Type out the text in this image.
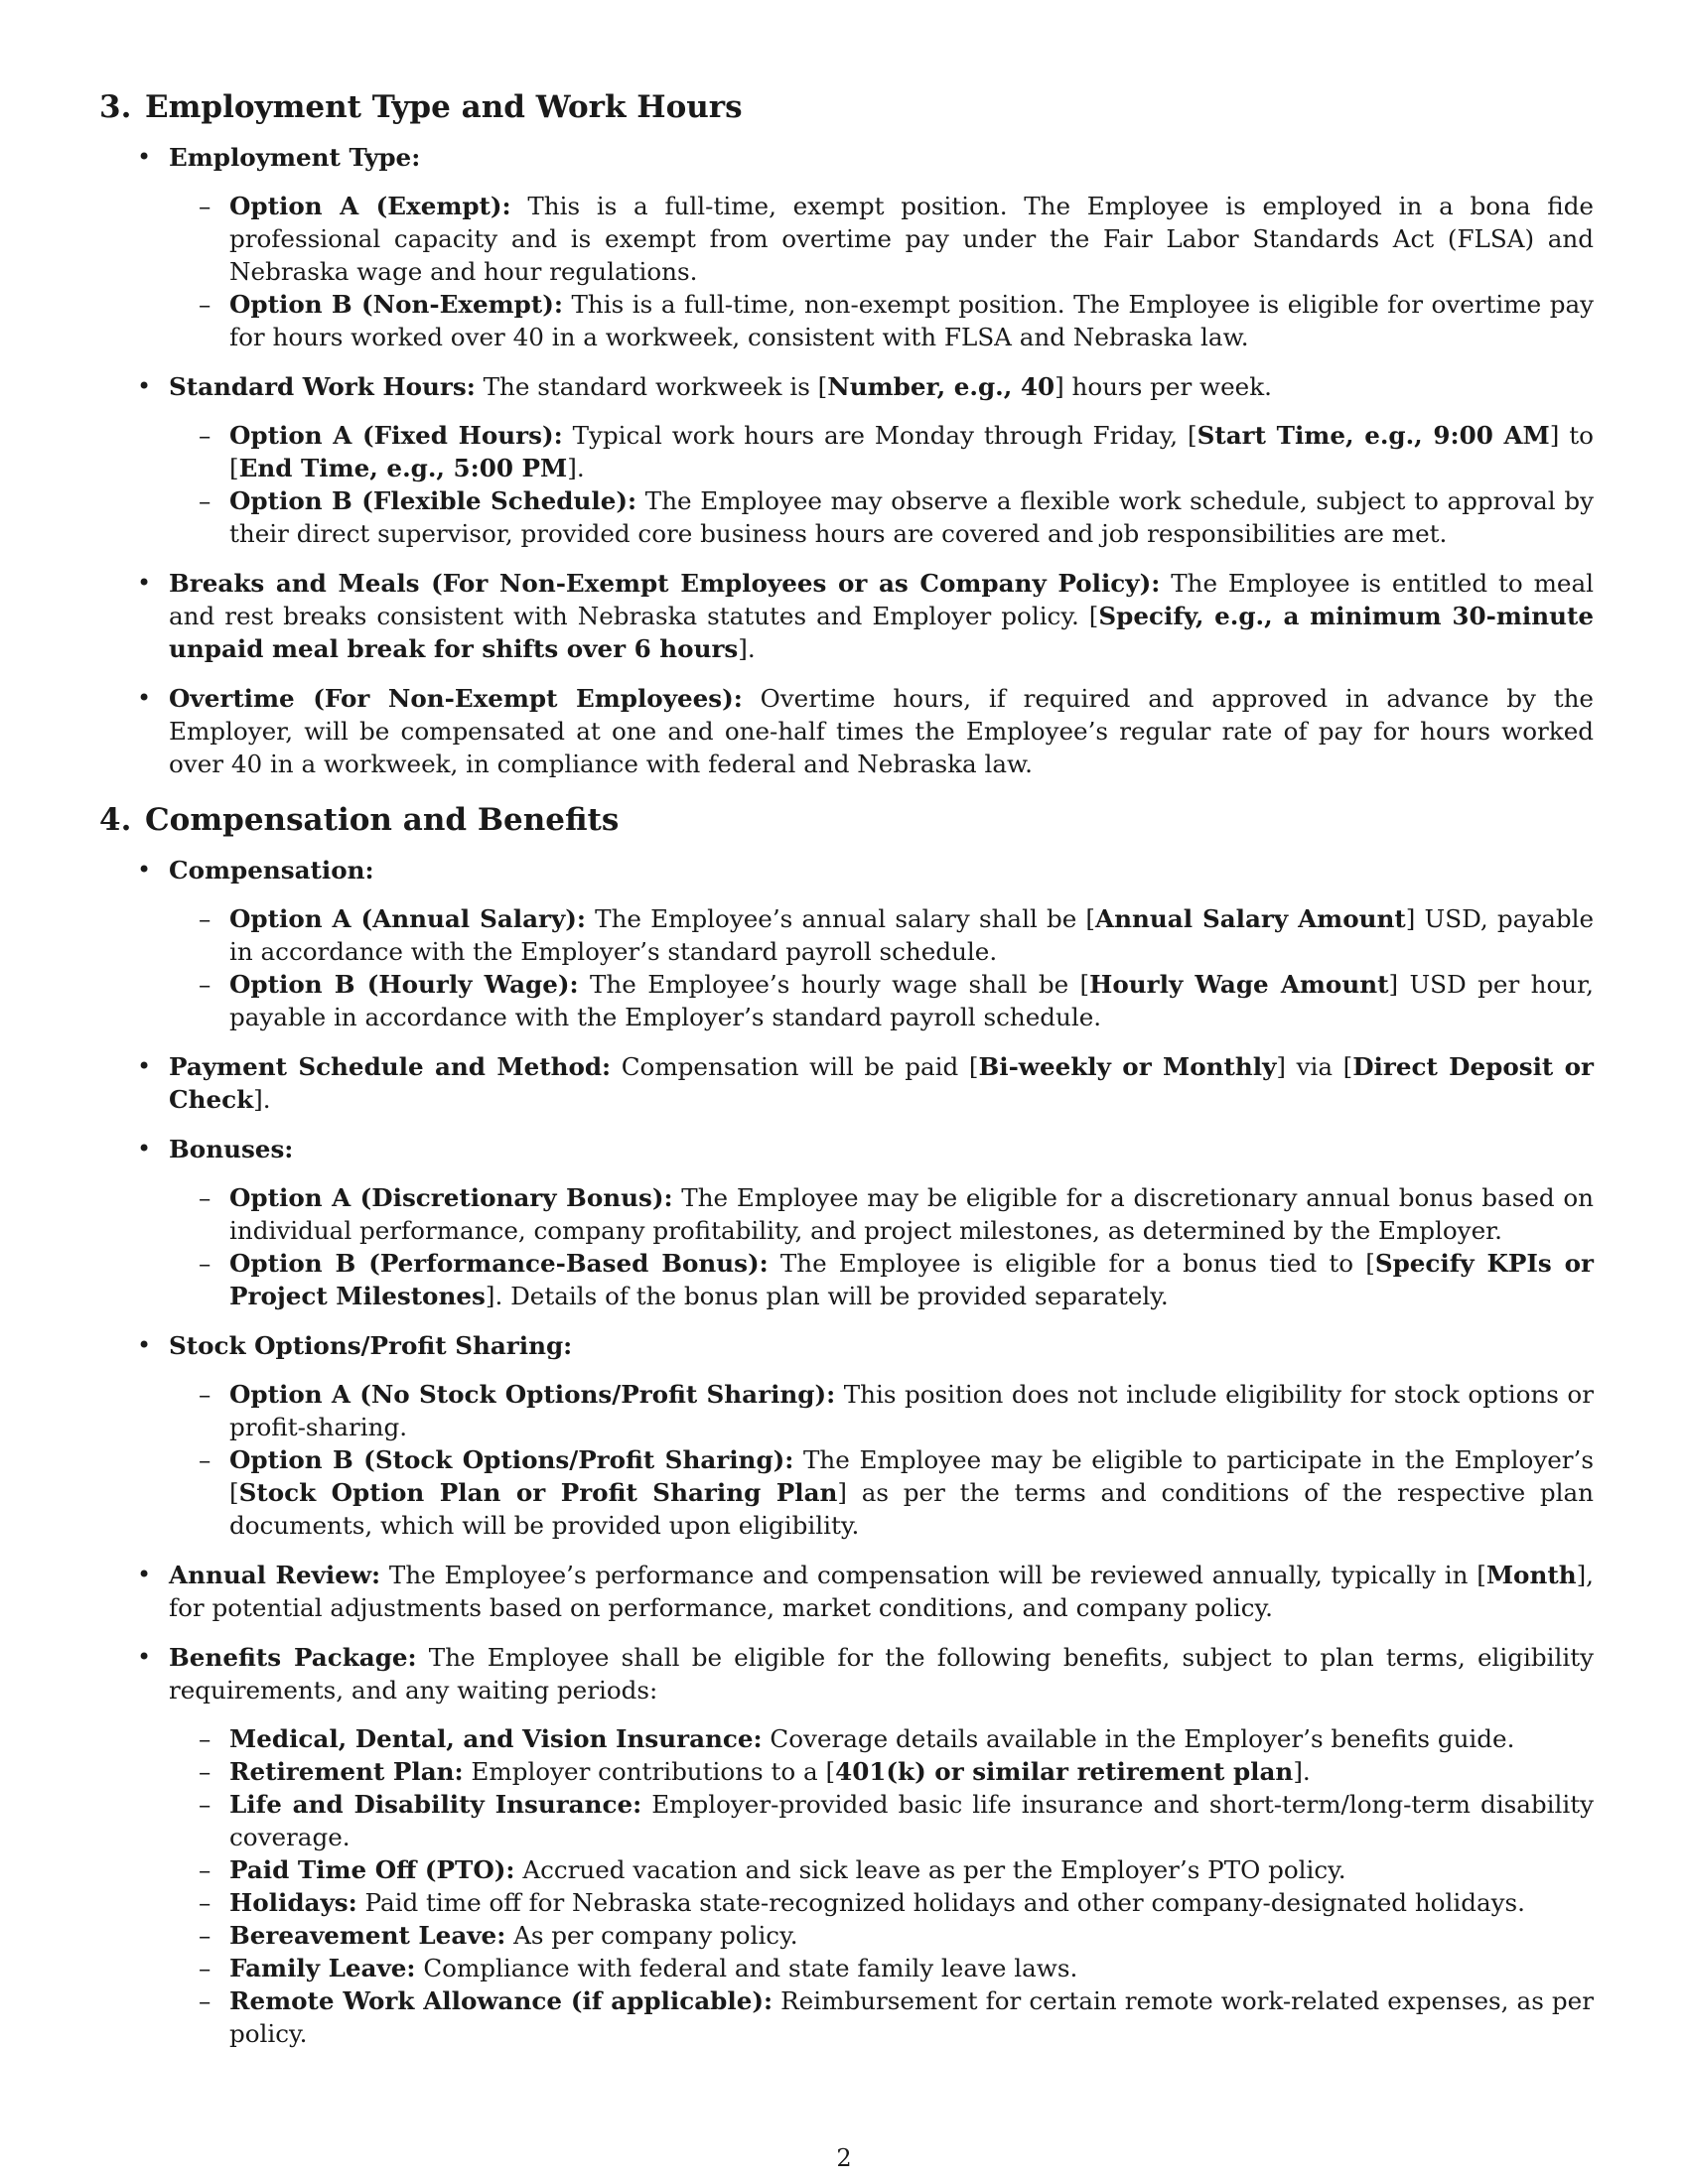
3. Employment Type and Work Hours
• Employment Type:
– Option A (Exempt): This is a full-time, exempt position. The Employee is employed in a bona fide professional capacity and is exempt from overtime pay under the Fair Labor Standards Act (FLSA) and Nebraska wage and hour regulations.
– Option B (Non-Exempt): This is a full-time, non-exempt position. The Employee is eligible for overtime pay for hours worked over 40 in a workweek, consistent with FLSA and Nebraska law.
• Standard Work Hours: The standard workweek is [Number, e.g., 40] hours per week.
– Option A (Fixed Hours): Typical work hours are Monday through Friday, [Start Time, e.g., 9:00 AM] to [End Time, e.g., 5:00 PM].
– Option B (Flexible Schedule): The Employee may observe a flexible work schedule, subject to approval by their direct supervisor, provided core business hours are covered and job responsibilities are met.
• Breaks and Meals (For Non-Exempt Employees or as Company Policy): The Employee is entitled to meal and rest breaks consistent with Nebraska statutes and Employer policy. [Specify, e.g., a minimum 30-minute unpaid meal break for shifts over 6 hours].
• Overtime (For Non-Exempt Employees): Overtime hours, if required and approved in advance by the Employer, will be compensated at one and one-half times the Employee’s regular rate of pay for hours worked over 40 in a workweek, in compliance with federal and Nebraska law.
4. Compensation and Benefits
• Compensation:
– Option A (Annual Salary): The Employee’s annual salary shall be [Annual Salary Amount] USD, payable in accordance with the Employer’s standard payroll schedule.
– Option B (Hourly Wage): The Employee’s hourly wage shall be [Hourly Wage Amount] USD per hour, payable in accordance with the Employer’s standard payroll schedule.
• Payment Schedule and Method: Compensation will be paid [Bi-weekly or Monthly] via [Direct Deposit or Check].
• Bonuses:
– Option A (Discretionary Bonus): The Employee may be eligible for a discretionary annual bonus based on individual performance, company profitability, and project milestones, as determined by the Employer.
– Option B (Performance-Based Bonus): The Employee is eligible for a bonus tied to [Specify KPIs or Project Milestones]. Details of the bonus plan will be provided separately.
• Stock Options/Profit Sharing:
– Option A (No Stock Options/Profit Sharing): This position does not include eligibility for stock options or profit-sharing.
– Option B (Stock Options/Profit Sharing): The Employee may be eligible to participate in the Employer’s [Stock Option Plan or Profit Sharing Plan] as per the terms and conditions of the respective plan documents, which will be provided upon eligibility.
• Annual Review: The Employee’s performance and compensation will be reviewed annually, typically in [Month], for potential adjustments based on performance, market conditions, and company policy.
• Benefits Package: The Employee shall be eligible for the following benefits, subject to plan terms, eligibility requirements, and any waiting periods:
– Medical, Dental, and Vision Insurance: Coverage details available in the Employer’s benefits guide.
– Retirement Plan: Employer contributions to a [401(k) or similar retirement plan].
– Life and Disability Insurance: Employer-provided basic life insurance and short-term/long-term disability coverage.
– Paid Time Off (PTO): Accrued vacation and sick leave as per the Employer’s PTO policy.
– Holidays: Paid time off for Nebraska state-recognized holidays and other company-designated holidays.
– Bereavement Leave: As per company policy.
– Family Leave: Compliance with federal and state family leave laws.
– Remote Work Allowance (if applicable): Reimbursement for certain remote work-related expenses, as per policy.
2
